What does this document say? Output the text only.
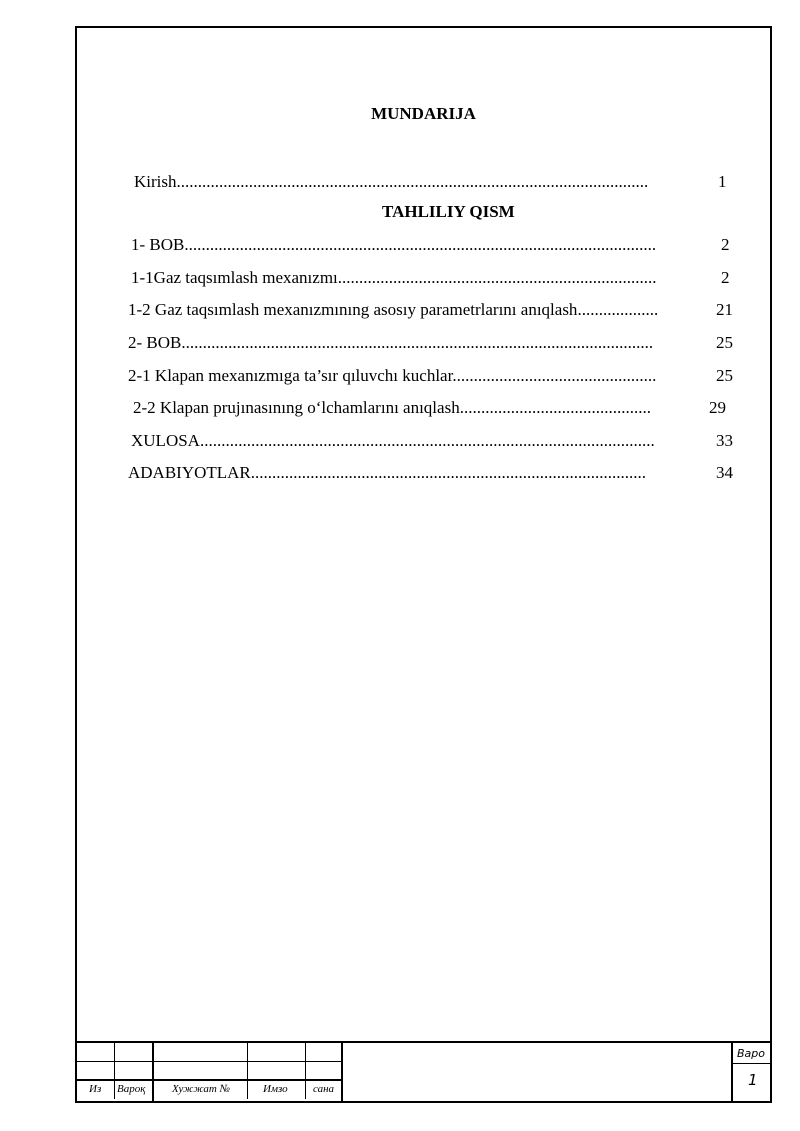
MUNDARIJA
Kirish...............................................................................................................	1
TAHLILIY QISM
1- BOB...............................................................................................................	2
1-1Gaz taqsımlash mexanızmı...........................................................................	2
1-2 Gaz taqsımlash mexanızmınıng asosıy parametrlarını anıqlash...................	21
2- BOB...............................................................................................................	25
2-1 Klapan mexanızmıga ta’sır qıluvchı kuchlar................................................	25
2-2 Klapan prujınasınıng o‘lchamlarını anıqlash.............................................	29
XULOSA...........................................................................................................	33
ADABIYOTLAR.............................................................................................	34
Из Вароқ Хужжат №	Имзо сана
Варо
1
